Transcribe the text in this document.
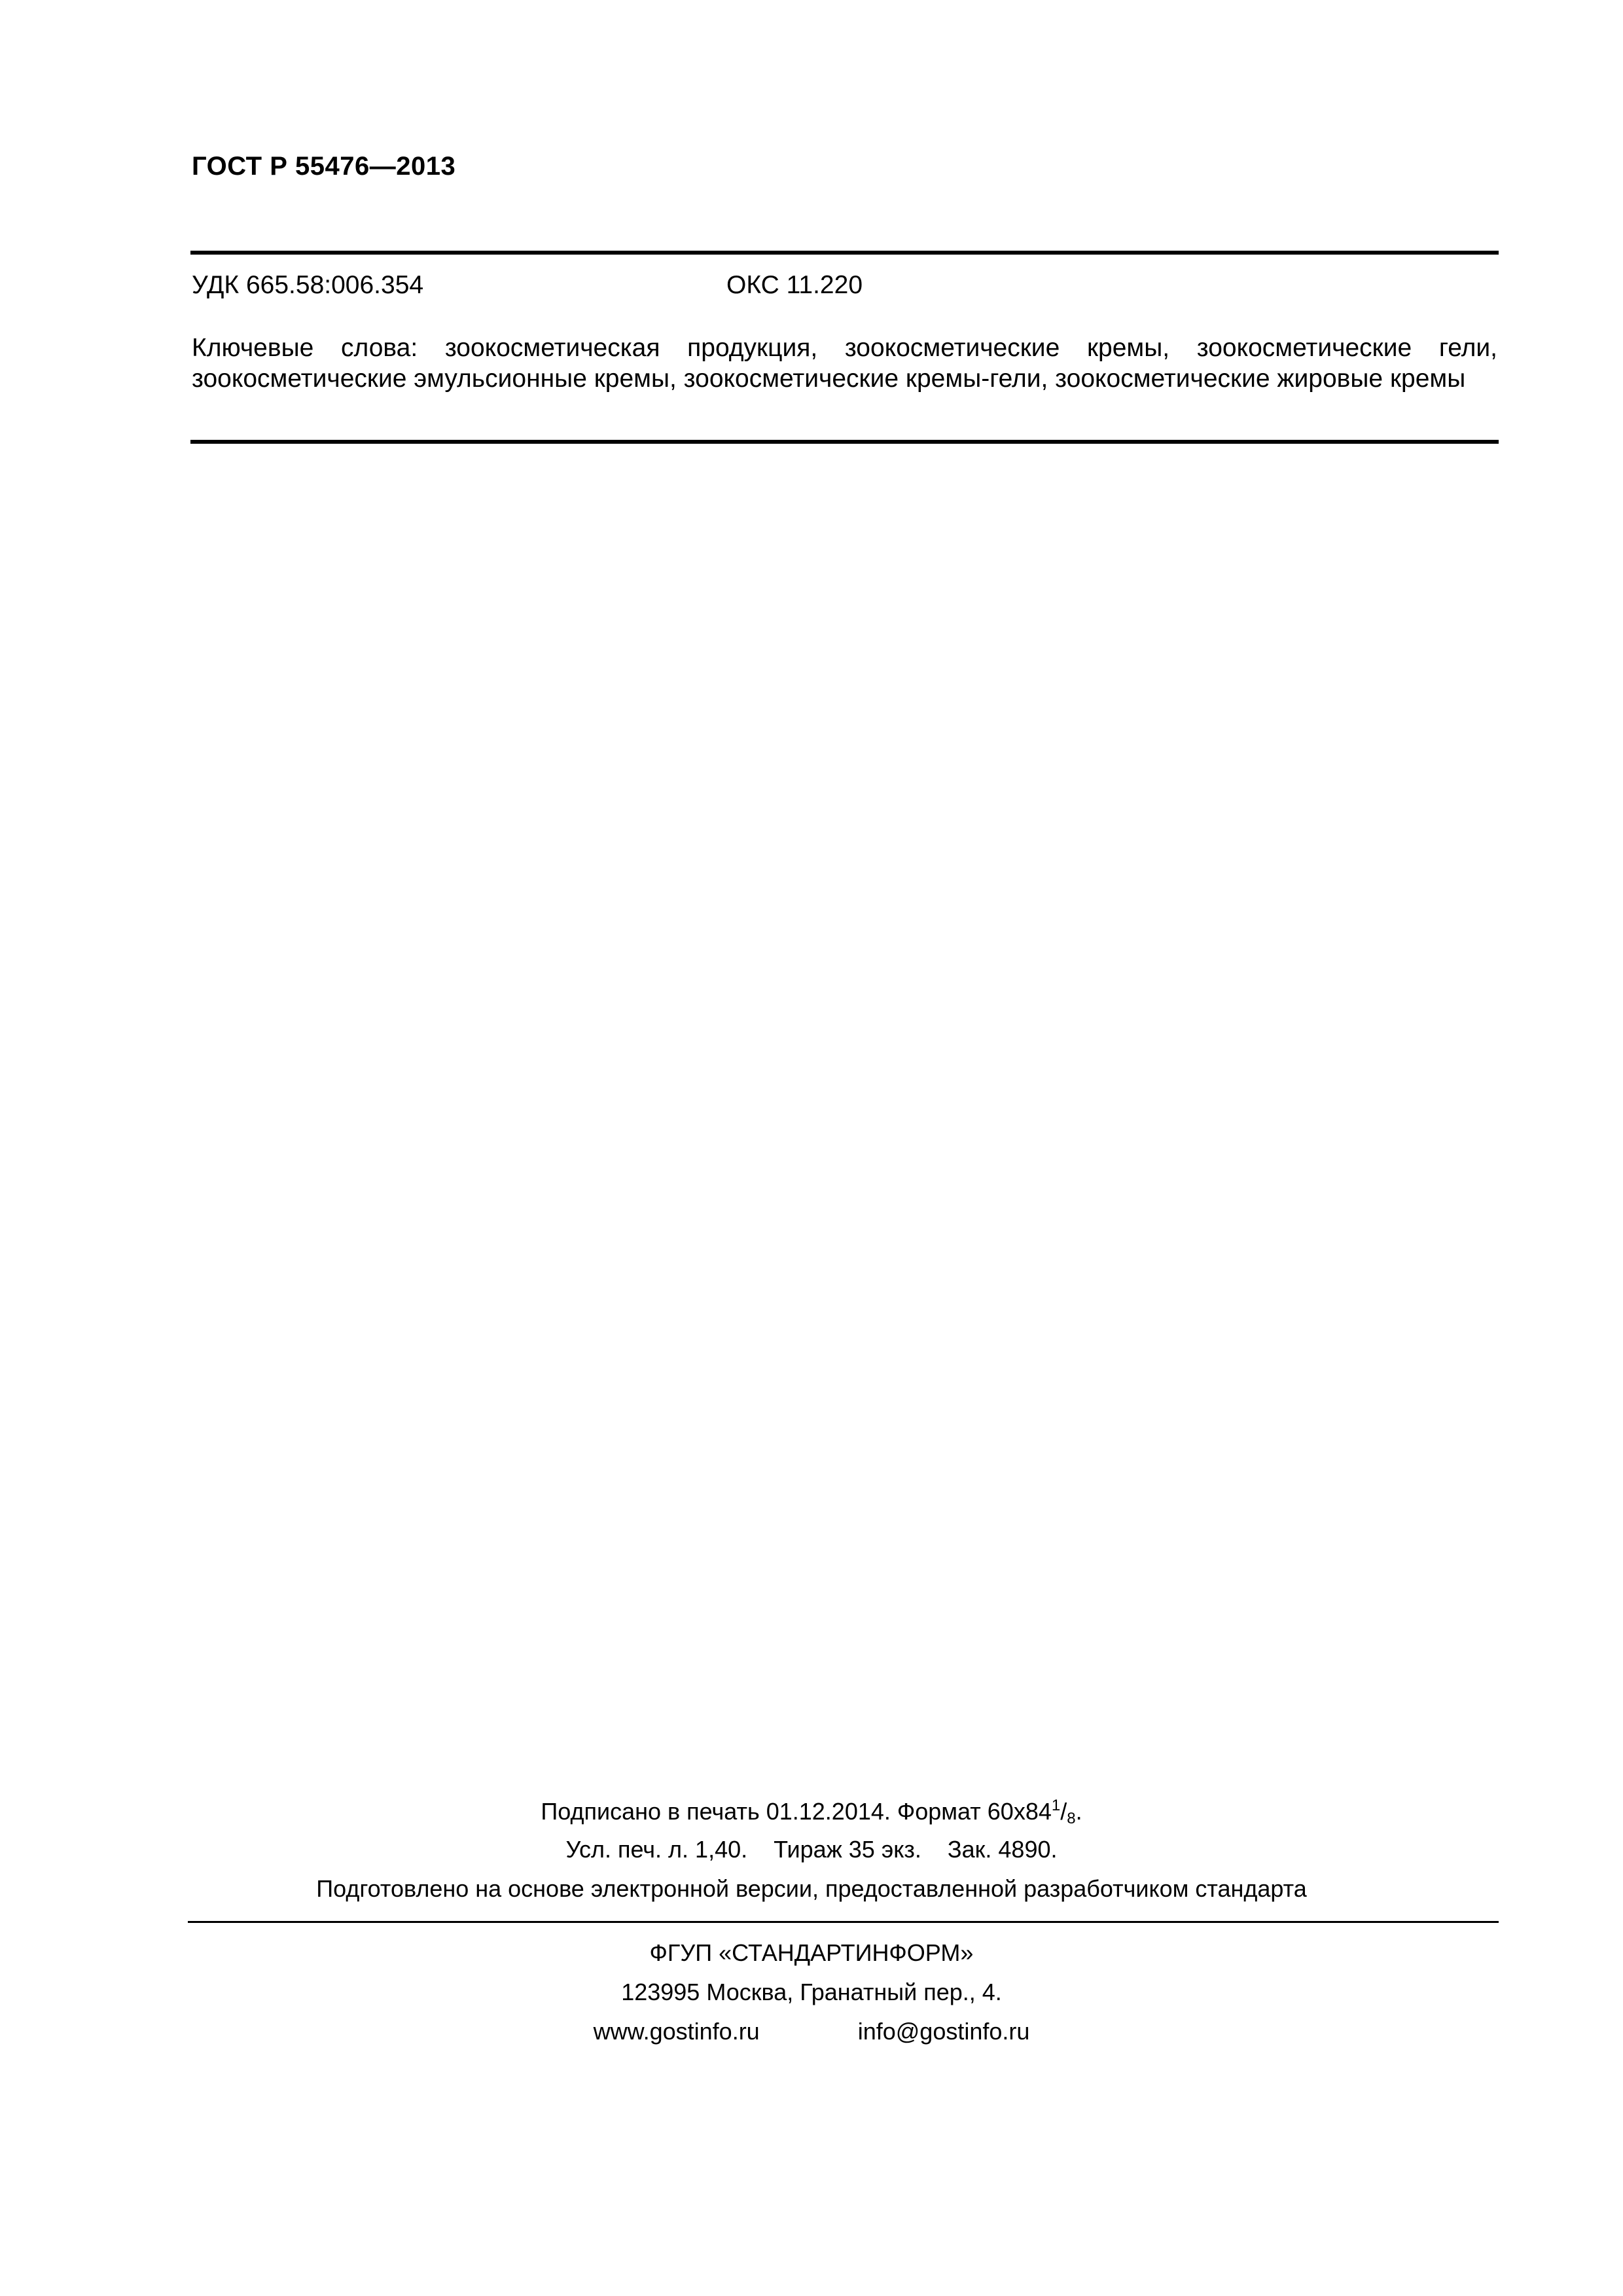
ГОСТ Р 55476—2013
УДК 665.58:006.354	ОКС 11.220
Ключевые слова: зоокосметическая продукция, зоокосметические кремы, зоокосметические гели, зоокосметические эмульсионные кремы, зоокосметические кремы-гели, зоокосметические жировые кремы
Подписано в печать 01.12.2014. Формат $60х84^1/_8$.
Усл. печ. л. 1,40. Тираж 35 экз. Зак. 4890.
Подготовлено на основе электронной версии, предоставленной разработчиком стандарта
ФГУП «СТАНДАРТИНФОРМ»
123995 Москва, Гранатный пер., 4.
www.gostinfo.ru	info@gostinfo.ru
